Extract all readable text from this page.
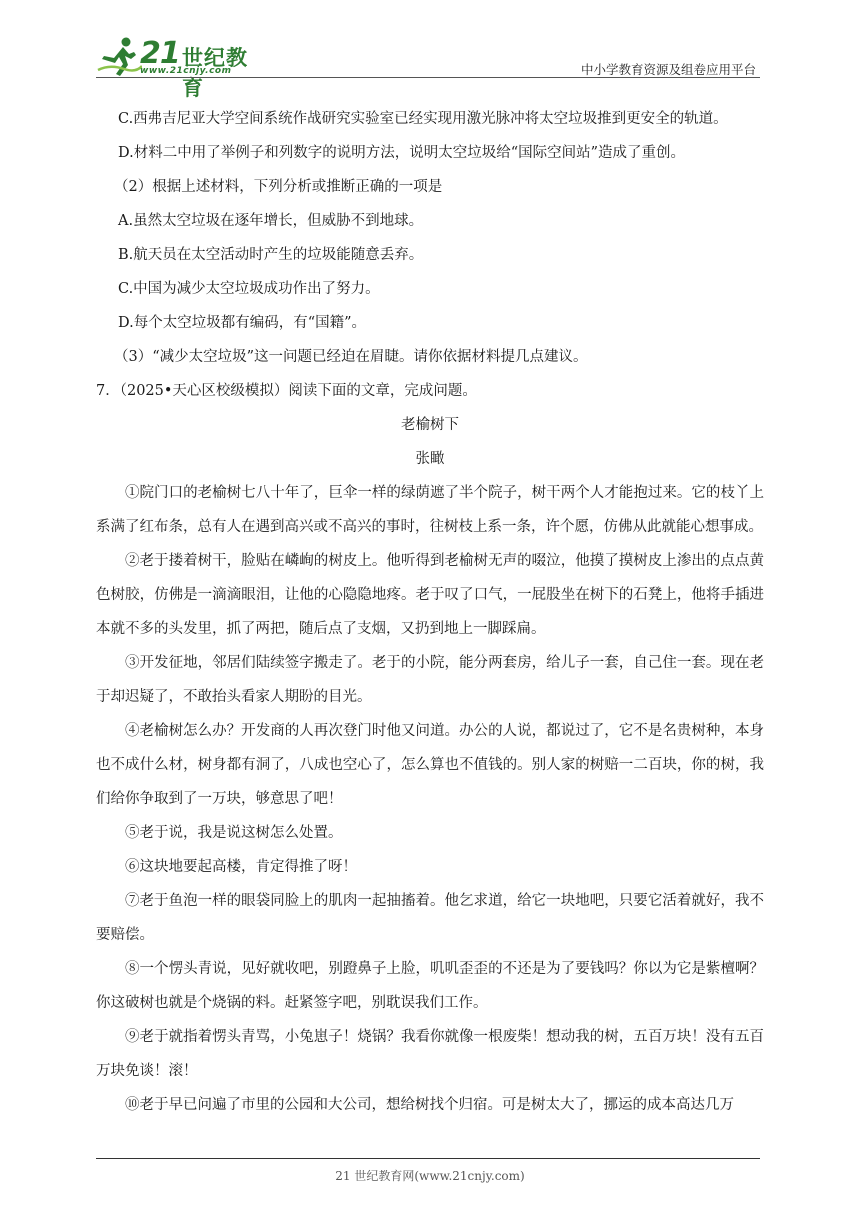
21 世纪教育
www.21cnjy.com	中小学教育资源及组卷应用平台

C.西弗吉尼亚大学空间系统作战研究实验室已经实现用激光脉冲将太空垃圾推到更安全的轨道。

D.材料二中用了举例子和列数字的说明方法，说明太空垃圾给“国际空间站”造成了重创。

（2）根据上述材料，下列分析或推断正确的一项是

A.虽然太空垃圾在逐年增长，但威胁不到地球。

B.航天员在太空活动时产生的垃圾能随意丢弃。

C.中国为减少太空垃圾成功作出了努力。

D.每个太空垃圾都有编码，有“国籍”。

（3）“减少太空垃圾”这一问题已经迫在眉睫。请你依据材料提几点建议。

7．（2025•天心区校级模拟）阅读下面的文章，完成问题。

老榆树下

张瞰

①院门口的老榆树七八十年了，巨伞一样的绿荫遮了半个院子，树干两个人才能抱过来。它的枝丫上系满了红布条，总有人在遇到高兴或不高兴的事时，往树枝上系一条，许个愿，仿佛从此就能心想事成。

②老于搂着树干，脸贴在嶙峋的树皮上。他听得到老榆树无声的啜泣，他摸了摸树皮上渗出的点点黄色树胶，仿佛是一滴滴眼泪，让他的心隐隐地疼。老于叹了口气，一屁股坐在树下的石凳上，他将手插进本就不多的头发里，抓了两把，随后点了支烟，又扔到地上一脚踩扁。

③开发征地，邻居们陆续签字搬走了。老于的小院，能分两套房，给儿子一套，自己住一套。现在老于却迟疑了，不敢抬头看家人期盼的目光。

④老榆树怎么办？开发商的人再次登门时他又问道。办公的人说，都说过了，它不是名贵树种，本身也不成什么材，树身都有洞了，八成也空心了，怎么算也不值钱的。别人家的树赔一二百块，你的树，我们给你争取到了一万块，够意思了吧！

⑤老于说，我是说这树怎么处置。

⑥这块地要起高楼，肯定得推了呀！

⑦老于鱼泡一样的眼袋同脸上的肌肉一起抽搐着。他乞求道，给它一块地吧，只要它活着就好，我不要赔偿。

⑧一个愣头青说，见好就收吧，别蹬鼻子上脸，叽叽歪歪的不还是为了要钱吗？你以为它是紫檀啊？你这破树也就是个烧锅的料。赶紧签字吧，别耽误我们工作。

⑨老于就指着愣头青骂，小兔崽子！烧锅？我看你就像一根废柴！想动我的树，五百万块！没有五百万块免谈！滚！

⑩老于早已问遍了市里的公园和大公司，想给树找个归宿。可是树太大了，挪运的成本高达几万

21 世纪教育网(www.21cnjy.com)
